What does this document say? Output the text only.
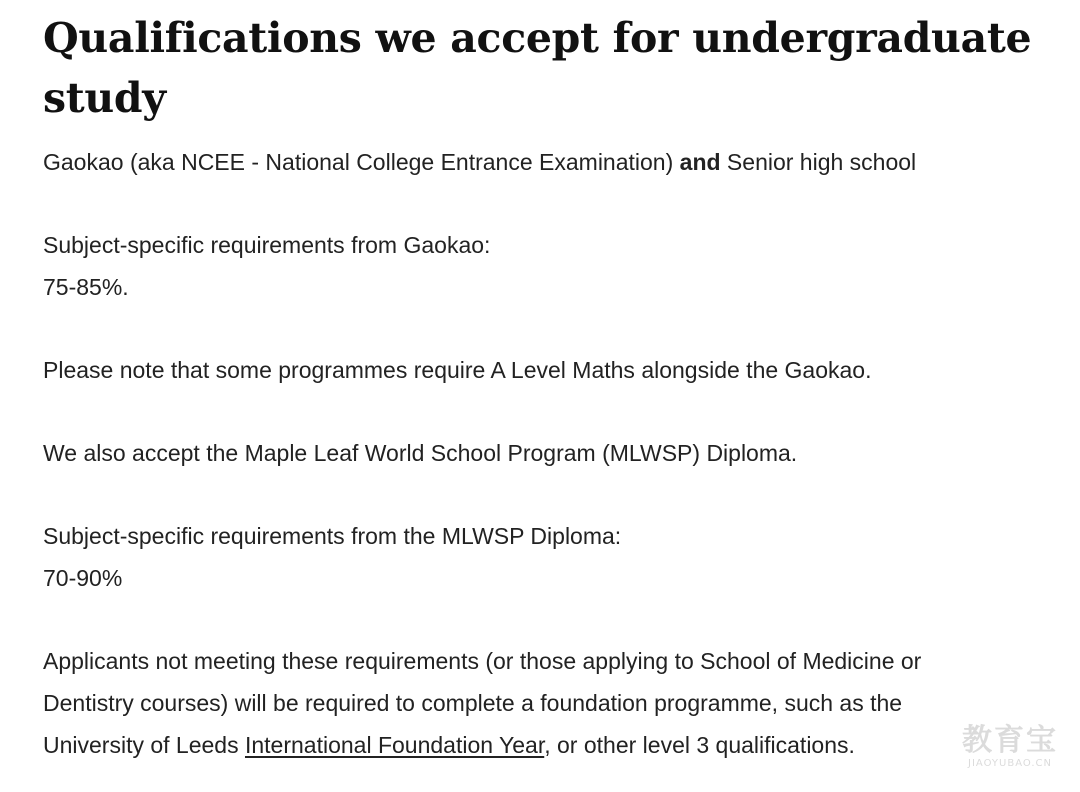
Qualifications we accept for undergraduate study

Gaokao (aka NCEE - National College Entrance Examination) and Senior high school

Subject-specific requirements from Gaokao:

75-85%.

Please note that some programmes require A Level Maths alongside the Gaokao.

We also accept the Maple Leaf World School Program (MLWSP) Diploma.

Subject-specific requirements from the MLWSP Diploma:

70-90%

Applicants not meeting these requirements (or those applying to School of Medicine or
Dentistry courses) will be required to complete a foundation programme, such as the
University of Leeds International Foundation Year, or other level 3 qualifications.	教育宝
JIAOYUBAO.CN
